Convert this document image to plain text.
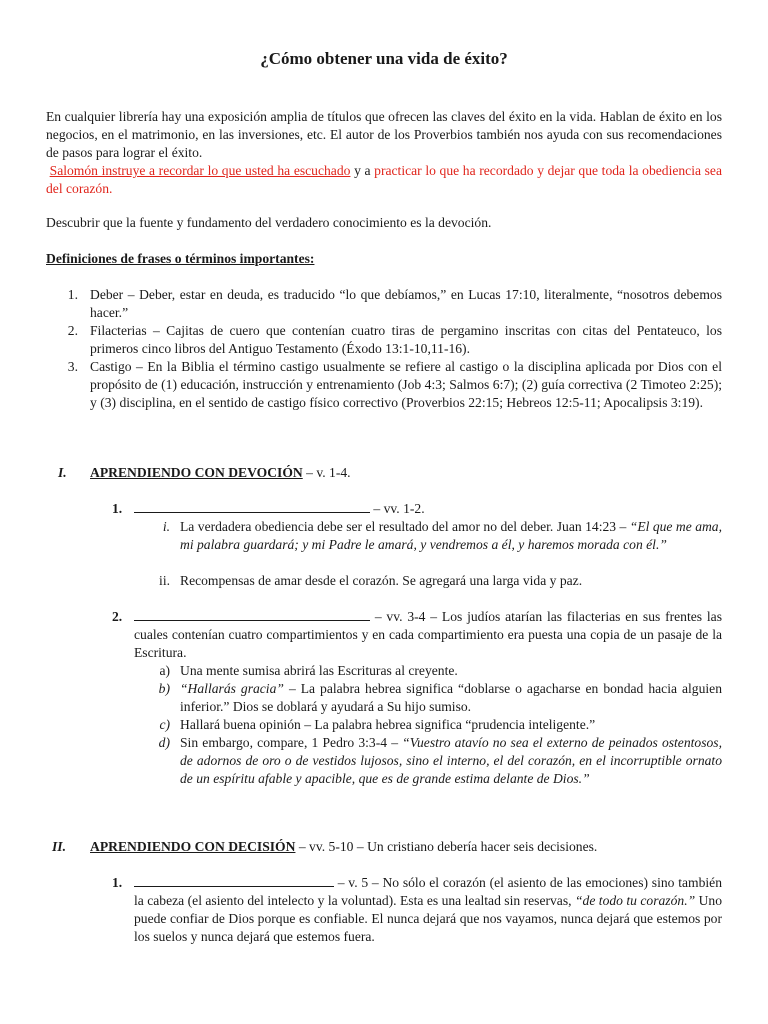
¿Cómo obtener una vida de éxito?
En cualquier librería hay una exposición amplia de títulos que ofrecen las claves del éxito en la vida. Hablan de éxito en los negocios, en el matrimonio, en las inversiones, etc. El autor de los Proverbios también nos ayuda con sus recomendaciones de pasos para lograr el éxito.
Salomón instruye a recordar lo que usted ha escuchado y a practicar lo que ha recordado y dejar que toda la obediencia sea del corazón.
Descubrir que la fuente y fundamento del verdadero conocimiento es la devoción.
Definiciones de frases o términos importantes:
1. Deber – Deber, estar en deuda, es traducido “lo que debíamos,” en Lucas 17:10, literalmente, “nosotros debemos hacer.”
2. Filacterias – Cajitas de cuero que contenían cuatro tiras de pergamino inscritas con citas del Pentateuco, los primeros cinco libros del Antiguo Testamento (Éxodo 13:1-10,11-16).
3. Castigo – En la Biblia el término castigo usualmente se refiere al castigo o la disciplina aplicada por Dios con el propósito de (1) educación, instrucción y entrenamiento (Job 4:3; Salmos 6:7); (2) guía correctiva (2 Timoteo 2:25); y (3) disciplina, en el sentido de castigo físico correctivo (Proverbios 22:15; Hebreos 12:5-11; Apocalipsis 3:19).
I. APRENDIENDO CON DEVOCIÓN – v. 1-4.
1.	– vv. 1-2.
i. La verdadera obediencia debe ser el resultado del amor no del deber. Juan 14:23 – “El que me ama, mi palabra guardará; y mi Padre le amará, y vendremos a él, y haremos morada con él.”
ii. Recompensas de amar desde el corazón. Se agregará una larga vida y paz.
2.	– vv. 3-4 – Los judíos atarían las filacterias en sus frentes las cuales contenían cuatro compartimientos y en cada compartimiento era puesta una copia de un pasaje de la Escritura.
a) Una mente sumisa abrirá las Escrituras al creyente.
b) “Hallarás gracia” – La palabra hebrea significa “doblarse o agacharse en bondad hacia alguien inferior.” Dios se doblará y ayudará a Su hijo sumiso.
c) Hallará buena opinión – La palabra hebrea significa “prudencia inteligente.”
d) Sin embargo, compare, 1 Pedro 3:3-4 – “Vuestro atavío no sea el externo de peinados ostentosos, de adornos de oro o de vestidos lujosos, sino el interno, el del corazón, en el incorruptible ornato de un espíritu afable y apacible, que es de grande estima delante de Dios.”
II. APRENDIENDO CON DECISIÓN – vv. 5-10 – Un cristiano debería hacer seis decisiones.
1.	– v. 5 – No sólo el corazón (el asiento de las emociones) sino también la cabeza (el asiento del intelecto y la voluntad). Esta es una lealtad sin reservas, “de todo tu corazón.” Uno puede confiar de Dios porque es confiable. El nunca dejará que nos vayamos, nunca dejará que estemos por los suelos y nunca dejará que estemos fuera.
